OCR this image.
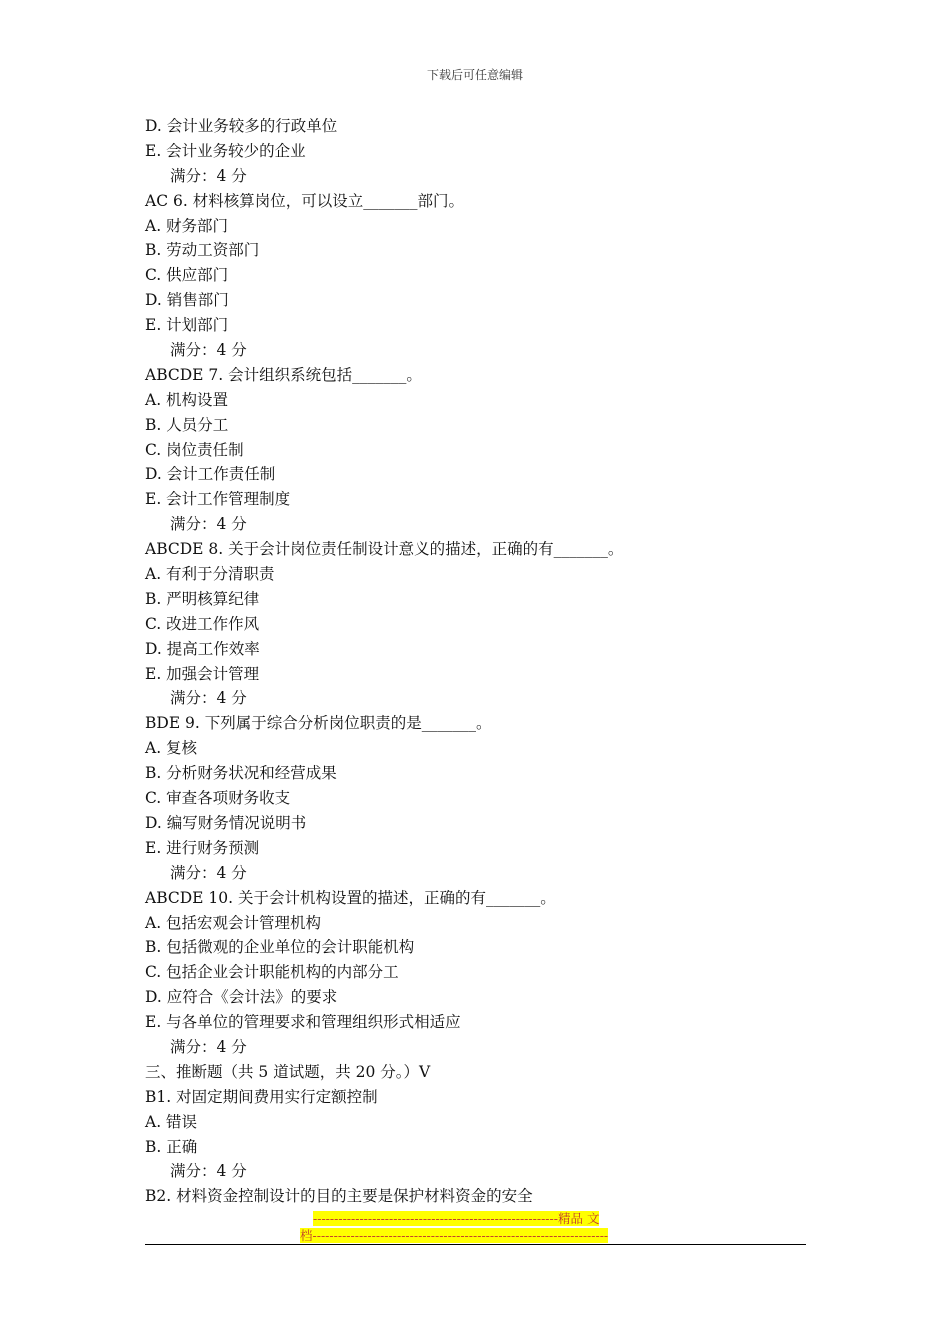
下载后可任意编辑
D. 会计业务较多的行政单位
E. 会计业务较少的企业
满分：4 分
AC 6. 材料核算岗位，可以设立_______部门。
A. 财务部门
B. 劳动工资部门
C. 供应部门
D. 销售部门
E. 计划部门
满分：4 分
ABCDE 7. 会计组织系统包括_______。
A. 机构设置
B. 人员分工
C. 岗位责任制
D. 会计工作责任制
E. 会计工作管理制度
满分：4 分
ABCDE 8. 关于会计岗位责任制设计意义的描述，正确的有_______。
A. 有利于分清职责
B. 严明核算纪律
C. 改进工作作风
D. 提高工作效率
E. 加强会计管理
满分：4 分
BDE 9. 下列属于综合分析岗位职责的是_______。
A. 复核
B. 分析财务状况和经营成果
C. 审查各项财务收支
D. 编写财务情况说明书
E. 进行财务预测
满分：4 分
ABCDE 10. 关于会计机构设置的描述，正确的有_______。
A. 包括宏观会计管理机构
B. 包括微观的企业单位的会计职能机构
C. 包括企业会计职能机构的内部分工
D. 应符合《会计法》的要求
E. 与各单位的管理要求和管理组织形式相适应
满分：4 分
三、推断题（共 5 道试题，共 20 分。）V
B1. 对固定期间费用实行定额控制
A. 错误
B. 正确
满分：4 分
B2. 材料资金控制设计的目的主要是保护材料资金的安全
----------------------------------------------------------精品 文
档----------------------------------------------------------------------
